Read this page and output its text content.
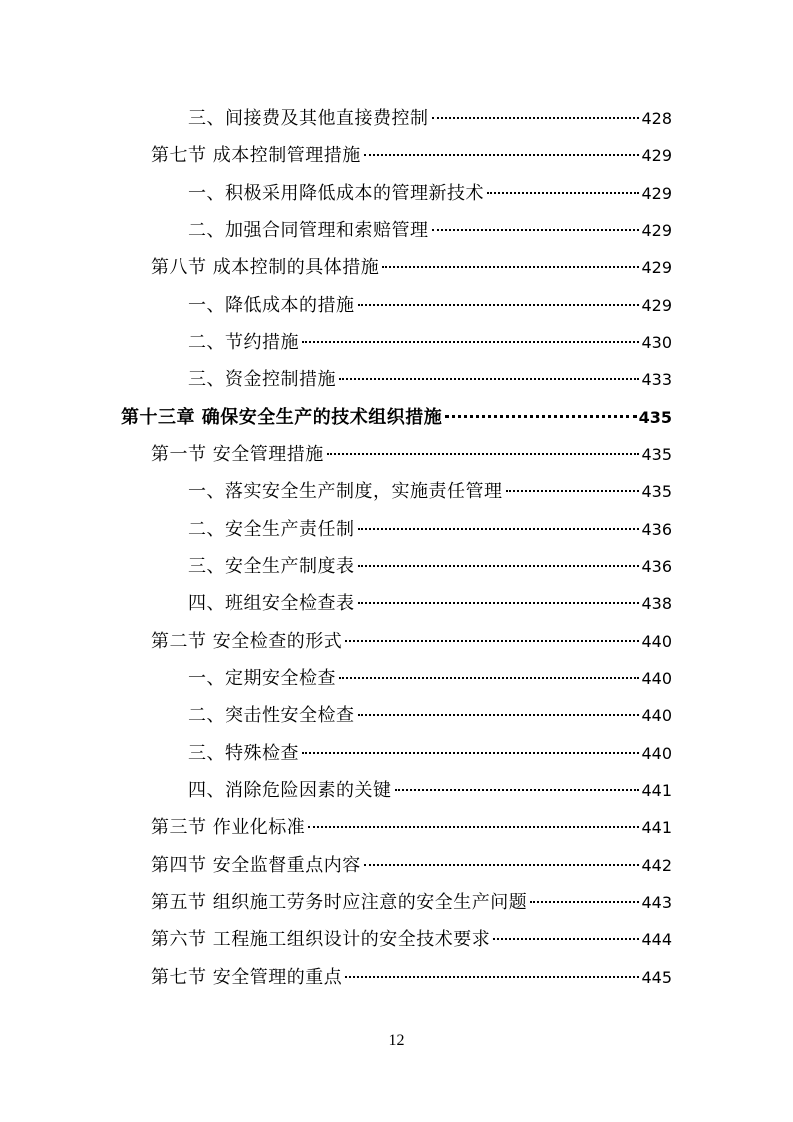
三、间接费及其他直接费控制	428
第七节 成本控制管理措施	429
一、积极采用降低成本的管理新技术	429
二、加强合同管理和索赔管理	429
第八节 成本控制的具体措施	429
一、降低成本的措施	429
二、节约措施	430
三、资金控制措施	433
第十三章 确保安全生产的技术组织措施	435
第一节 安全管理措施	435
一、落实安全生产制度，实施责任管理	435
二、安全生产责任制	436
三、安全生产制度表	436
四、班组安全检查表	438
第二节 安全检查的形式	440
一、定期安全检查	440
二、突击性安全检查	440
三、特殊检查	440
四、消除危险因素的关键	441
第三节 作业化标准	441
第四节 安全监督重点内容	442
第五节 组织施工劳务时应注意的安全生产问题	443
第六节 工程施工组织设计的安全技术要求	444
第七节 安全管理的重点	445
12
